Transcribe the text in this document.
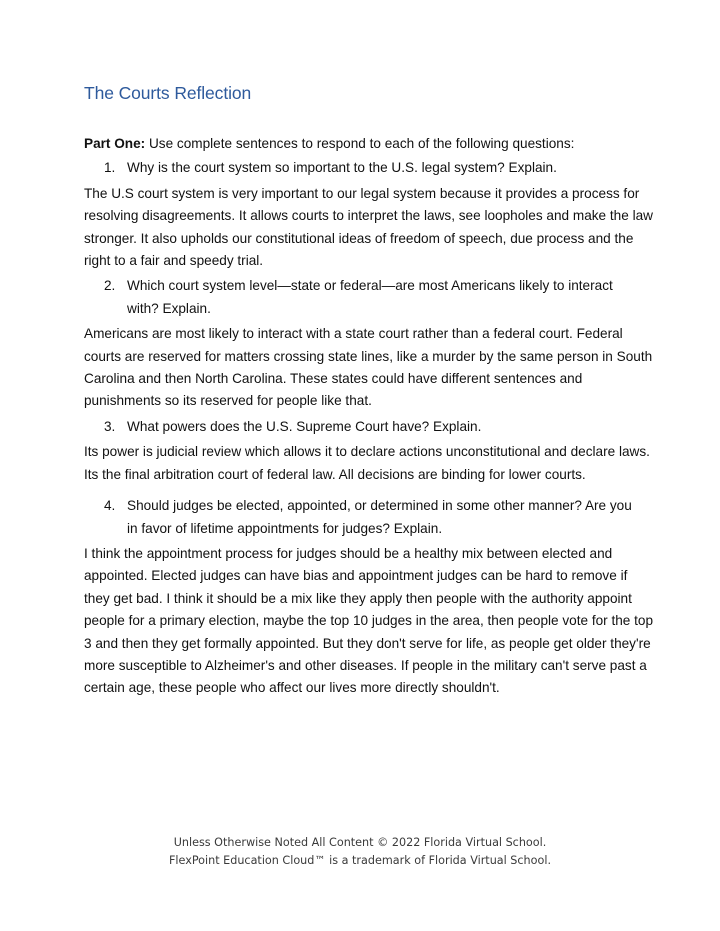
The Courts Reflection

Part One: Use complete sentences to respond to each of the following questions:

1. Why is the court system so important to the U.S. legal system? Explain.

The U.S court system is very important to our legal system because it provides a process for resolving disagreements. It allows courts to interpret the laws, see loopholes and make the law stronger. It also upholds our constitutional ideas of freedom of speech, due process and the right to a fair and speedy trial.

2. Which court system level—state or federal—are most Americans likely to interact with? Explain.

Americans are most likely to interact with a state court rather than a federal court. Federal courts are reserved for matters crossing state lines, like a murder by the same person in South Carolina and then North Carolina. These states could have different sentences and punishments so its reserved for people like that.

3. What powers does the U.S. Supreme Court have? Explain.

Its power is judicial review which allows it to declare actions unconstitutional and declare laws. Its the final arbitration court of federal law. All decisions are binding for lower courts.

4. Should judges be elected, appointed, or determined in some other manner? Are you in favor of lifetime appointments for judges? Explain.

I think the appointment process for judges should be a healthy mix between elected and appointed. Elected judges can have bias and appointment judges can be hard to remove if they get bad. I think it should be a mix like they apply then people with the authority appoint people for a primary election, maybe the top 10 judges in the area, then people vote for the top 3 and then they get formally appointed. But they don't serve for life, as people get older they're more susceptible to Alzheimer's and other diseases. If people in the military can't serve past a certain age, these people who affect our lives more directly shouldn't.

Unless Otherwise Noted All Content © 2022 Florida Virtual School.
FlexPoint Education Cloud™ is a trademark of Florida Virtual School.
